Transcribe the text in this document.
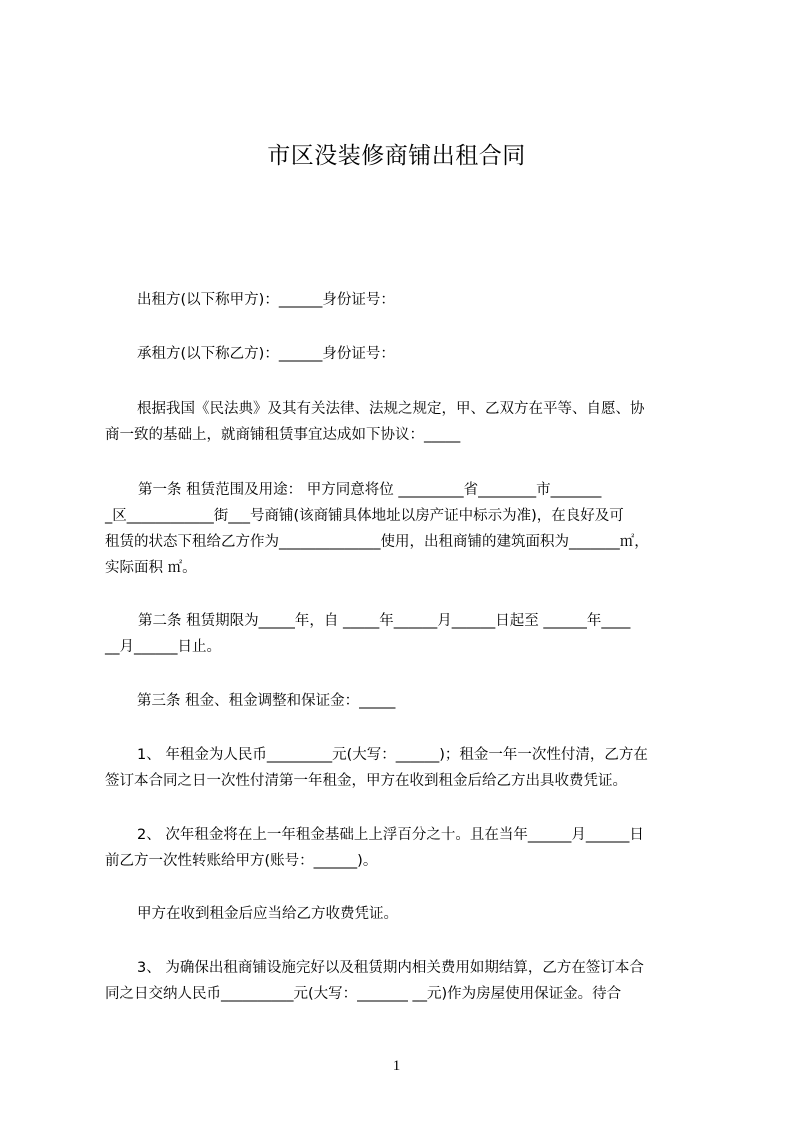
市区没装修商铺出租合同
出租方(以下称甲方)：______身份证号：
承租方(以下称乙方)：______身份证号：
根据我国《民法典》及其有关法律、法规之规定，甲、乙双方在平等、自愿、协
商一致的基础上，就商铺租赁事宜达成如下协议：_____
第一条 租赁范围及用途： 甲方同意将位 _________省________市_______
_区____________街___号商铺(该商铺具体地址以房产证中标示为准)，在良好及可
租赁的状态下租给乙方作为______________使用，出租商铺的建筑面积为_______㎡，
实际面积 ㎡。
第二条 租赁期限为_____年，自 _____年______月______日起至 ______年____
__月______日止。
第三条 租金、租金调整和保证金：_____
1、 年租金为人民币_________元(大写：______)；租金一年一次性付清，乙方在
签订本合同之日一次性付清第一年租金，甲方在收到租金后给乙方出具收费凭证。
2、 次年租金将在上一年租金基础上上浮百分之十。且在当年______月______日
前乙方一次性转账给甲方(账号：______)。
甲方在收到租金后应当给乙方收费凭证。
3、 为确保出租商铺设施完好以及租赁期内相关费用如期结算，乙方在签订本合
同之日交纳人民币__________元(大写：_______ __元)作为房屋使用保证金。待合
1
